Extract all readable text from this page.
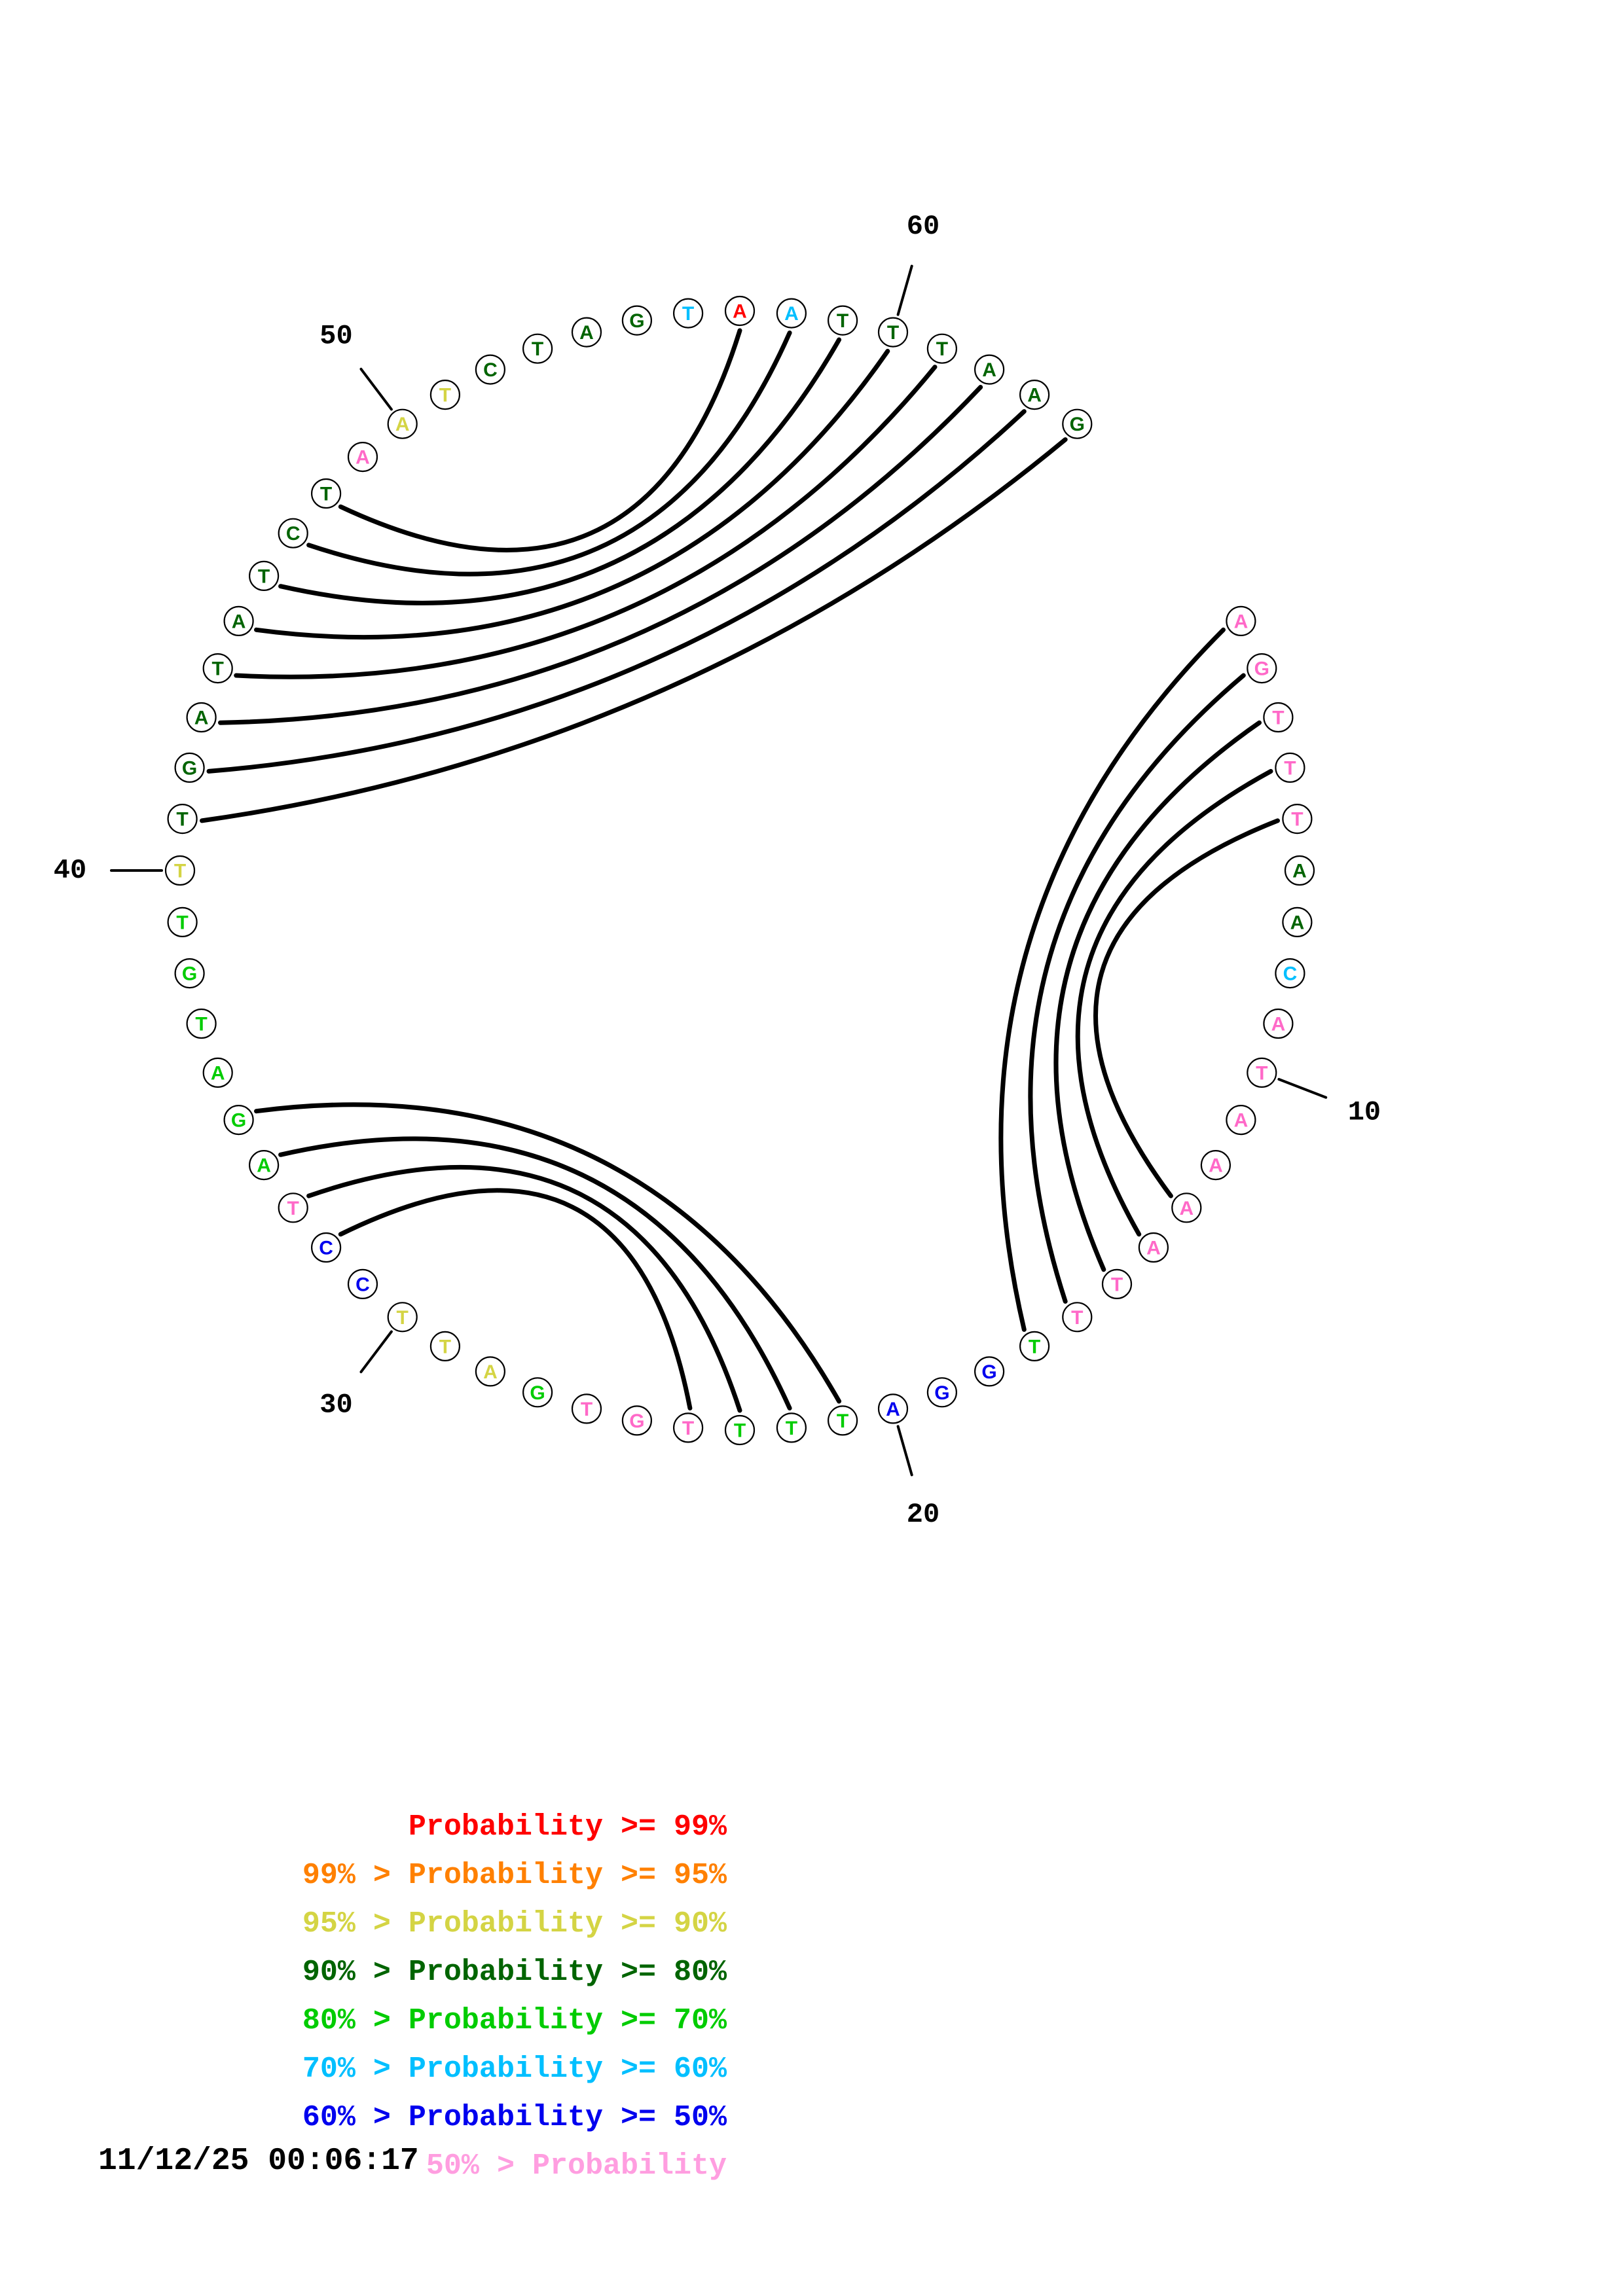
A
G
T
T
T
A
A
C
A
T
A
A
A
A
T
T
T
G
G
A
T
T
T
T
G
T
G
A
T
T
C
C
T
A
G
A
T
G
T
T
T
G
A
T
A
T
C
T
A
A
T
C
T
A
G T A A T
T
T
A
A
G
10
20
30
40
50
60
Probability >= 99%
99% > Probability >= 95%
95% > Probability >= 90%
90% > Probability >= 80%
80% > Probability >= 70%
70% > Probability >= 60%
60% > Probability >= 50%
50% > Probability
11/12/25 00:06:17
